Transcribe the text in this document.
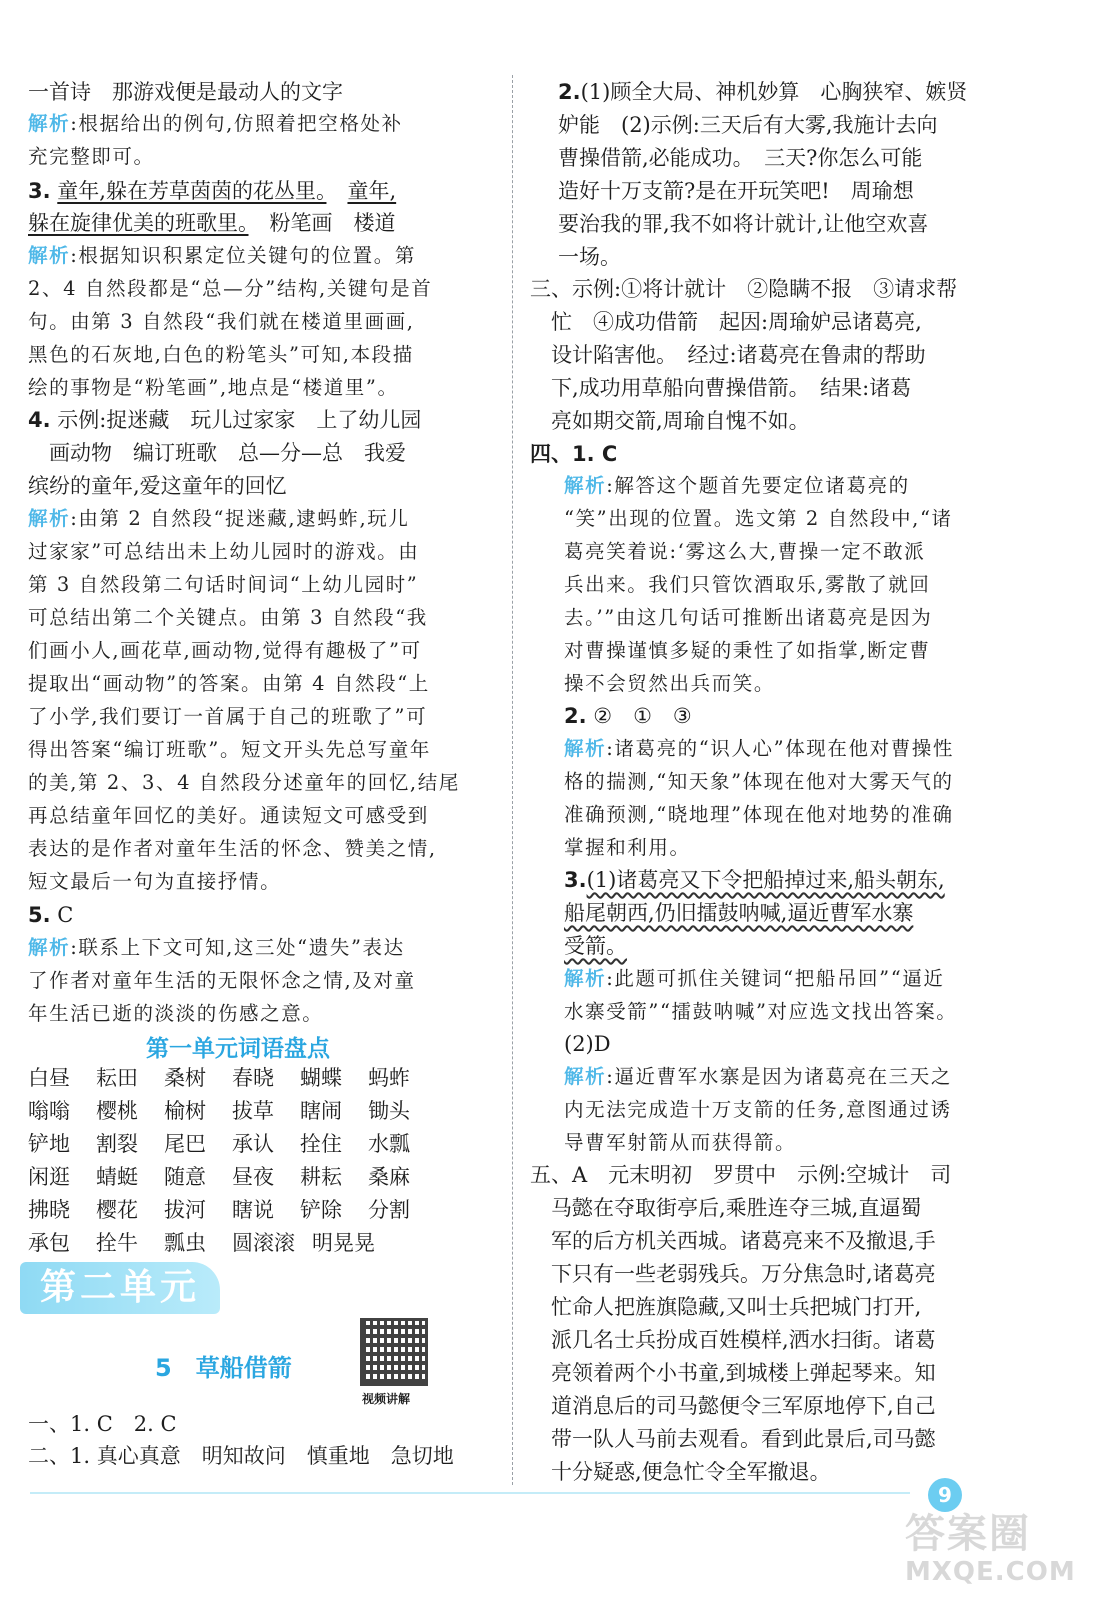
一首诗　那游戏便是最动人的文字
解析:根据给出的例句,仿照着把空格处补
充完整即可。
3. 童年,躲在芳草茵茵的花丛里。　 童年,
躲在旋律优美的班歌里。　粉笔画　楼道
解析:根据知识积累定位关键句的位置。第
2、4 自然段都是“总—分”结构,关键句是首
句。由第 3 自然段“我们就在楼道里画画,
黑色的石灰地,白色的粉笔头”可知,本段描
绘的事物是“粉笔画”,地点是“楼道里”。
4. 示例:捉迷藏　玩儿过家家　上了幼儿园
　画动物　编订班歌　总—分—总　我爱
缤纷的童年,爱这童年的回忆
解析:由第 2 自然段“捉迷藏,逮蚂蚱,玩儿
过家家”可总结出未上幼儿园时的游戏。由
第 3 自然段第二句话时间词“上幼儿园时”
可总结出第二个关键点。由第 3 自然段“我
们画小人,画花草,画动物,觉得有趣极了”可
提取出“画动物”的答案。由第 4 自然段“上
了小学,我们要订一首属于自己的班歌了”可
得出答案“编订班歌”。短文开头先总写童年
的美,第 2、3、4 自然段分述童年的回忆,结尾
再总结童年回忆的美好。通读短文可感受到
表达的是作者对童年生活的怀念、赞美之情,
短文最后一句为直接抒情。
5. C
解析:联系上下文可知,这三处“遗失”表达
了作者对童年生活的无限怀念之情,及对童
年生活已逝的淡淡的伤感之意。
第一单元词语盘点
白昼	耘田	桑树	春晓	蝴蝶	蚂蚱
嗡嗡	樱桃	榆树	拔草	瞎闹	锄头
铲地	割裂	尾巴	承认	拴住	水瓢
闲逛	蜻蜓	随意	昼夜	耕耘	桑麻
拂晓	樱花	拔河	瞎说	铲除	分割
承包	拴牛	瓢虫	圆滚滚 明晃晃
第二单元
5　草船借箭
视频讲解
一、1. C　2. C
二、1. 真心真意　明知故问　慎重地　急切地
2.(1)顾全大局、神机妙算　心胸狭窄、嫉贤
妒能　(2)示例:三天后有大雾,我施计去向
曹操借箭,必能成功。　三天?你怎么可能
造好十万支箭?是在开玩笑吧!　周瑜想
要治我的罪,我不如将计就计,让他空欢喜
一场。
三、示例:①将计就计　②隐瞒不报　③请求帮
　忙　④成功借箭　起因:周瑜妒忌诸葛亮,
　设计陷害他。　经过:诸葛亮在鲁肃的帮助
　下,成功用草船向曹操借箭。　结果:诸葛
　亮如期交箭,周瑜自愧不如。
四、1. C
解析:解答这个题首先要定位诸葛亮的
“笑”出现的位置。选文第 2 自然段中,“诸
葛亮笑着说:‘雾这么大,曹操一定不敢派
兵出来。我们只管饮酒取乐,雾散了就回
去。’”由这几句话可推断出诸葛亮是因为
对曹操谨慎多疑的秉性了如指掌,断定曹
操不会贸然出兵而笑。
2. ②　①　③
解析:诸葛亮的“识人心”体现在他对曹操性
格的揣测,“知天象”体现在他对大雾天气的
准确预测,“晓地理”体现在他对地势的准确
掌握和利用。
3.(1)诸葛亮又下令把船掉过来,船头朝东,
船尾朝西,仍旧擂鼓呐喊,逼近曹军水寨
受箭。
解析:此题可抓住关键词“把船吊回”“逼近
水寨受箭”“擂鼓呐喊”对应选文找出答案。
(2)D
解析:逼近曹军水寨是因为诸葛亮在三天之
内无法完成造十万支箭的任务,意图通过诱
导曹军射箭从而获得箭。
五、A　元末明初　罗贯中　示例:空城计　司
　马懿在夺取街亭后,乘胜连夺三城,直逼蜀
　军的后方机关西城。诸葛亮来不及撤退,手
　下只有一些老弱残兵。万分焦急时,诸葛亮
　忙命人把旌旗隐藏,又叫士兵把城门打开,
　派几名士兵扮成百姓模样,洒水扫街。诸葛
　亮领着两个小书童,到城楼上弹起琴来。知
　道消息后的司马懿便令三军原地停下,自己
　带一队人马前去观看。看到此景后,司马懿
　十分疑惑,便急忙令全军撤退。
9
答案圈
MXQE.COM
